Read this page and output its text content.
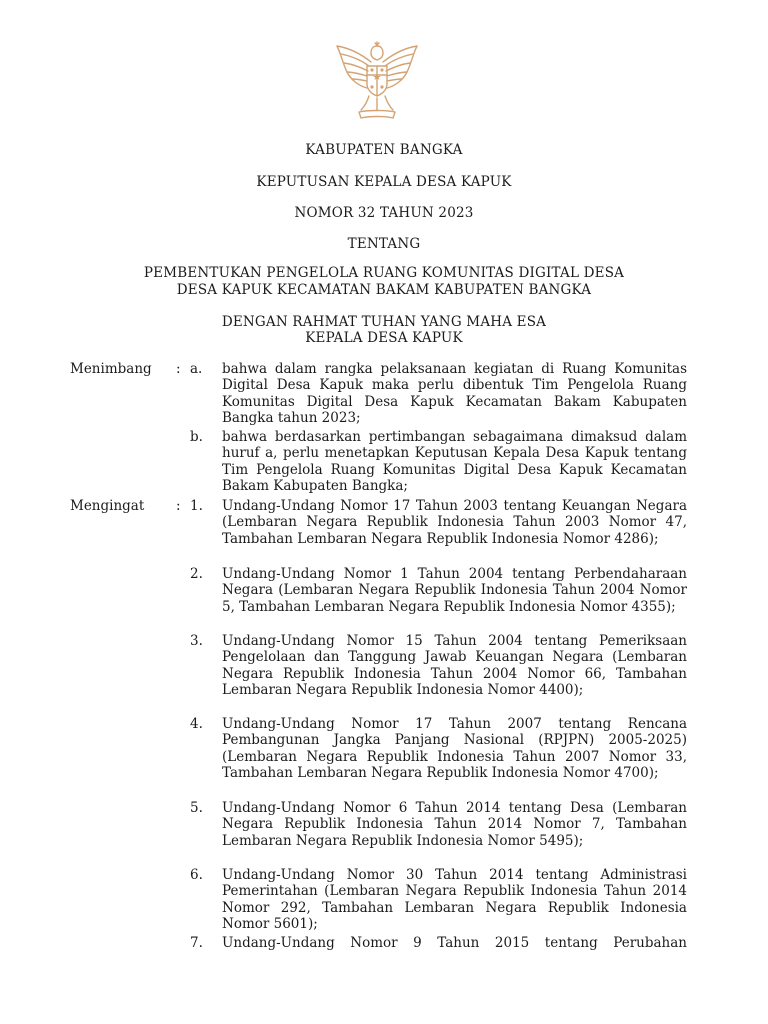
KABUPATEN BANGKA
KEPUTUSAN KEPALA DESA KAPUK
NOMOR 32 TAHUN 2023
TENTANG
PEMBENTUKAN PENGELOLA RUANG KOMUNITAS DIGITAL DESA
DESA KAPUK KECAMATAN BAKAM KABUPATEN BANGKA
DENGAN RAHMAT TUHAN YANG MAHA ESA
KEPALA DESA KAPUK
Menimbang : a.	bahwa dalam rangka pelaksanaan kegiatan di Ruang Komunitas Digital Desa Kapuk maka perlu dibentuk Tim Pengelola Ruang Komunitas Digital Desa Kapuk Kecamatan Bakam Kabupaten Bangka tahun 2023;
b.	bahwa berdasarkan pertimbangan sebagaimana dimaksud dalam huruf a, perlu menetapkan Keputusan Kepala Desa Kapuk tentang Tim Pengelola Ruang Komunitas Digital Desa Kapuk Kecamatan Bakam Kabupaten Bangka;
Mengingat : 1.	Undang-Undang Nomor 17 Tahun 2003 tentang Keuangan Negara (Lembaran Negara Republik Indonesia Tahun 2003 Nomor 47, Tambahan Lembaran Negara Republik Indonesia Nomor 4286);
2.	Undang-Undang Nomor 1 Tahun 2004 tentang Perbendaharaan Negara (Lembaran Negara Republik Indonesia Tahun 2004 Nomor 5, Tambahan Lembaran Negara Republik Indonesia Nomor 4355);
3.	Undang-Undang Nomor 15 Tahun 2004 tentang Pemeriksaan Pengelolaan dan Tanggung Jawab Keuangan Negara (Lembaran Negara Republik Indonesia Tahun 2004 Nomor 66, Tambahan Lembaran Negara Republik Indonesia Nomor 4400);
4.	Undang-Undang Nomor 17 Tahun 2007 tentang Rencana Pembangunan Jangka Panjang Nasional (RPJPN) 2005-2025) (Lembaran Negara Republik Indonesia Tahun 2007 Nomor 33, Tambahan Lembaran Negara Republik Indonesia Nomor 4700);
5.	Undang-Undang Nomor 6 Tahun 2014 tentang Desa (Lembaran Negara Republik Indonesia Tahun 2014 Nomor 7, Tambahan Lembaran Negara Republik Indonesia Nomor 5495);
6.	Undang-Undang Nomor 30 Tahun 2014 tentang Administrasi Pemerintahan (Lembaran Negara Republik Indonesia Tahun 2014 Nomor 292, Tambahan Lembaran Negara Republik Indonesia Nomor 5601);
7.	Undang-Undang Nomor 9 Tahun 2015 tentang Perubahan
